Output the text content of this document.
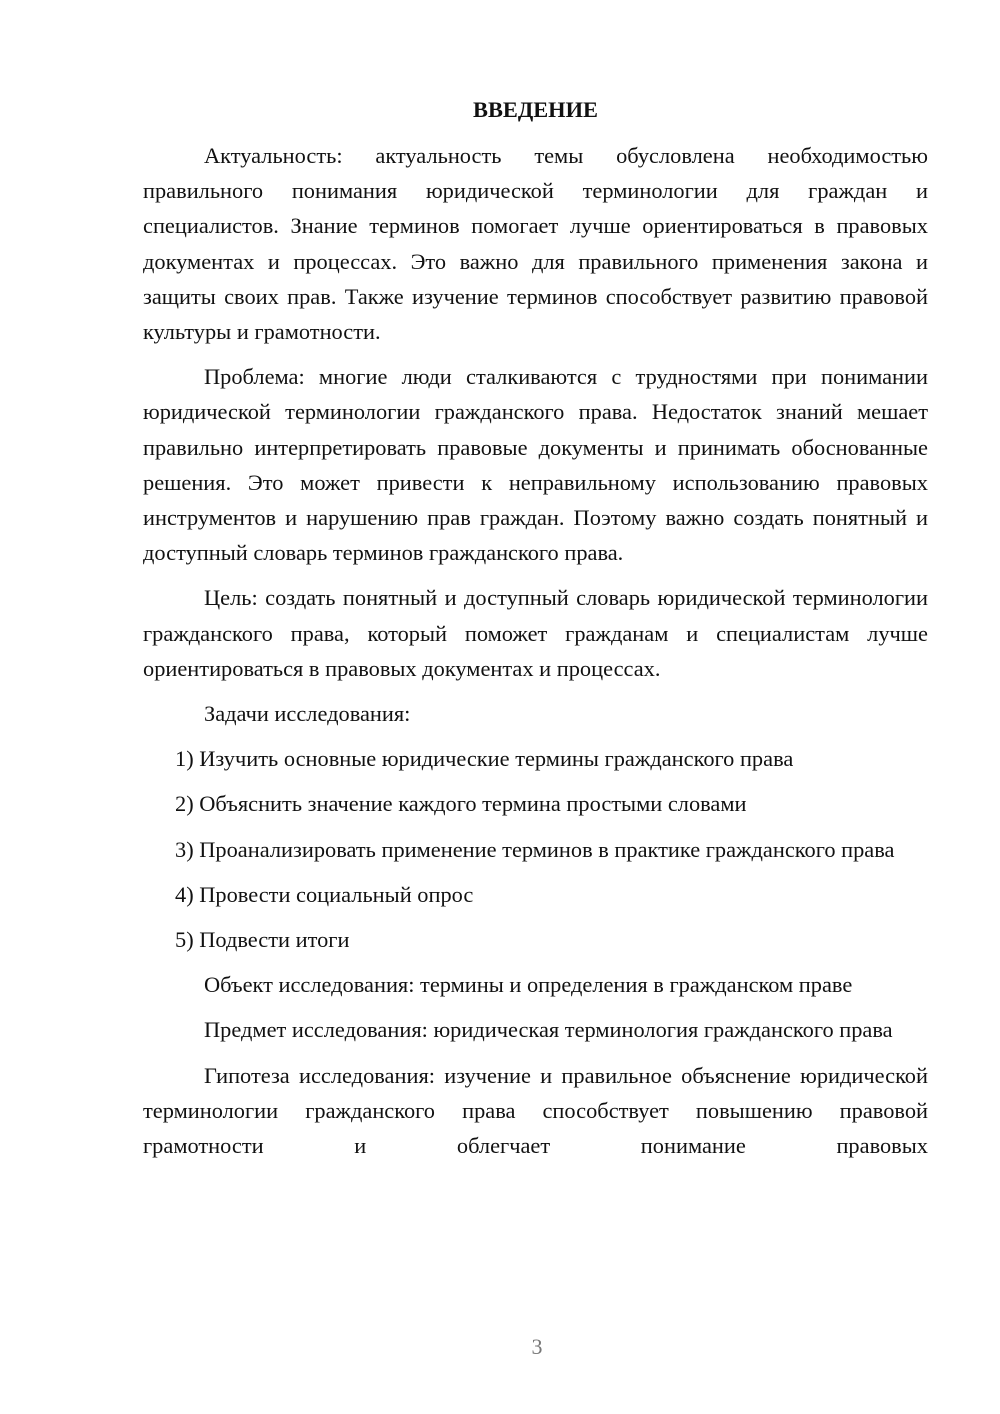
ВВЕДЕНИЕ

Актуальность: актуальность темы обусловлена необходимостью правильного понимания юридической терминологии для граждан и специалистов. Знание терминов помогает лучше ориентироваться в правовых документах и процессах. Это важно для правильного применения закона и защиты своих прав. Также изучение терминов способствует развитию правовой культуры и грамотности.

Проблема: многие люди сталкиваются с трудностями при понимании юридической терминологии гражданского права. Недостаток знаний мешает правильно интерпретировать правовые документы и принимать обоснованные решения. Это может привести к неправильному использованию правовых инструментов и нарушению прав граждан. Поэтому важно создать понятный и доступный словарь терминов гражданского права.

Цель: создать понятный и доступный словарь юридической терминологии гражданского права, который поможет гражданам и специалистам лучше ориентироваться в правовых документах и процессах.

Задачи исследования:

1) Изучить основные юридические термины гражданского права

2) Объяснить значение каждого термина простыми словами

3) Проанализировать применение терминов в практике гражданского права

4) Провести социальный опрос

5) Подвести итоги

Объект исследования: термины и определения в гражданском праве

Предмет исследования: юридическая терминология гражданского права

Гипотеза исследования: изучение и правильное объяснение юридической терминологии гражданского права способствует повышению правовой грамотности и облегчает понимание правовых

3
